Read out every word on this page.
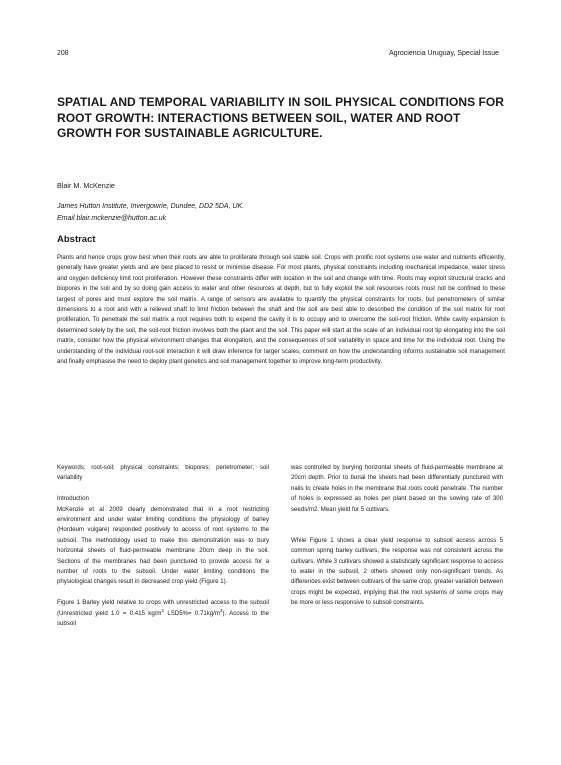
208	Agrociencia Uruguay, Special Issue
SPATIAL AND TEMPORAL VARIABILITY IN SOIL PHYSICAL CONDITIONS FOR ROOT GROWTH: INTERACTIONS BETWEEN SOIL, WATER AND ROOT GROWTH FOR SUSTAINABLE AGRICULTURE.
Blair M. McKenzie
James Hutton Institute, Invergowrie, Dundee, DD2 5DA, UK.
Email blair.mckenzie@hutton.ac.uk
Abstract

Plants and hence crops grow best when their roots are able to proliferate through soil stable soil. Crops with prolific root systems use water and nutrients efficiently, generally have greater yields and are best placed to resist or minimise disease. For most plants, physical constraints including mechanical impedance, water stress and oxygen deficiency limit root proliferation. However these constraints differ with location in the soil and change with time. Roots may exploit structural cracks and biopores in the soil and by so doing gain access to water and other resources at depth, but to fully exploit the soil resources roots must not be confined to these largest of pores and must explore the soil matrix. A range of sensors are available to quantify the physical constraints for roots, but penetrometers of similar dimensions to a root and with a relieved shaft to limit friction between the shaft and the soil are best able to described the condition of the soil matrix for root proliferation. To penetrate the soil matrix a root requires both to expend the cavity it is to occupy and to overcome the soil-root friction. While cavity expansion is determined solely by the soil, the soil-root friction involves both the plant and the soil. This paper will start at the scale of an individual root tip elongating into the soil matrix, consider how the physical environment changes that elongation, and the consequences of soil variability in space and time for the individual root. Using the understanding of the individual root-soil interaction it will draw inference for larger scales, comment on how the understanding informs sustainable soil management and finally emphasise the need to deploy plant genetics and soil management together to improve long-term productivity.

Keywords: root-soil; physical constraints; biopores; penetrometer; soil variability

Introduction

McKenzie et al 2009 clearly demonstrated that in a root restricting environment and under water limiting conditions the physiology of barley (Hordeum vulgare) responded positively to access of root systems to the subsoil. The methodology used to make this demonstration was to bury horizontal sheets of fluid-permeable membrane 20cm deep in the soil. Sections of the membranes had been punctured to provide access for a number of roots to the subsoil. Under water limiting conditions the physiological changes result in decreased crop yield (Figure 1).

Figure 1 Barley yield relative to crops with unrestricted access to the subsoil (Unrestricted yield 1.0 = 0.415 $kg/m^2$ $LSD5\%= 0.71kg/m^2$). Access to the subsoil

was controlled by burying horizontal sheets of fluid-permeable membrane at 20cm depth. Prior to burial the sheets had been differentially punctured with nails to create holes in the membrane that roots could penetrate. The number of holes is expressed as holes per plant based on the sowing rate of 300 seeds/m2. Mean yield for 5 cultivars.

While Figure 1 shows a clear yield response to subsoil access across 5 common spring barley cultivars, the response was not consistent across the cultivars. While 3 cultivars showed a statistically significant response to access to water in the subsoil, 2 others showed only non-significant trends. As differences exist between cultivars of the same crop, greater variation between crops might be expected, implying that the root systems of some crops may be more or less responsive to subsoil constraints.
